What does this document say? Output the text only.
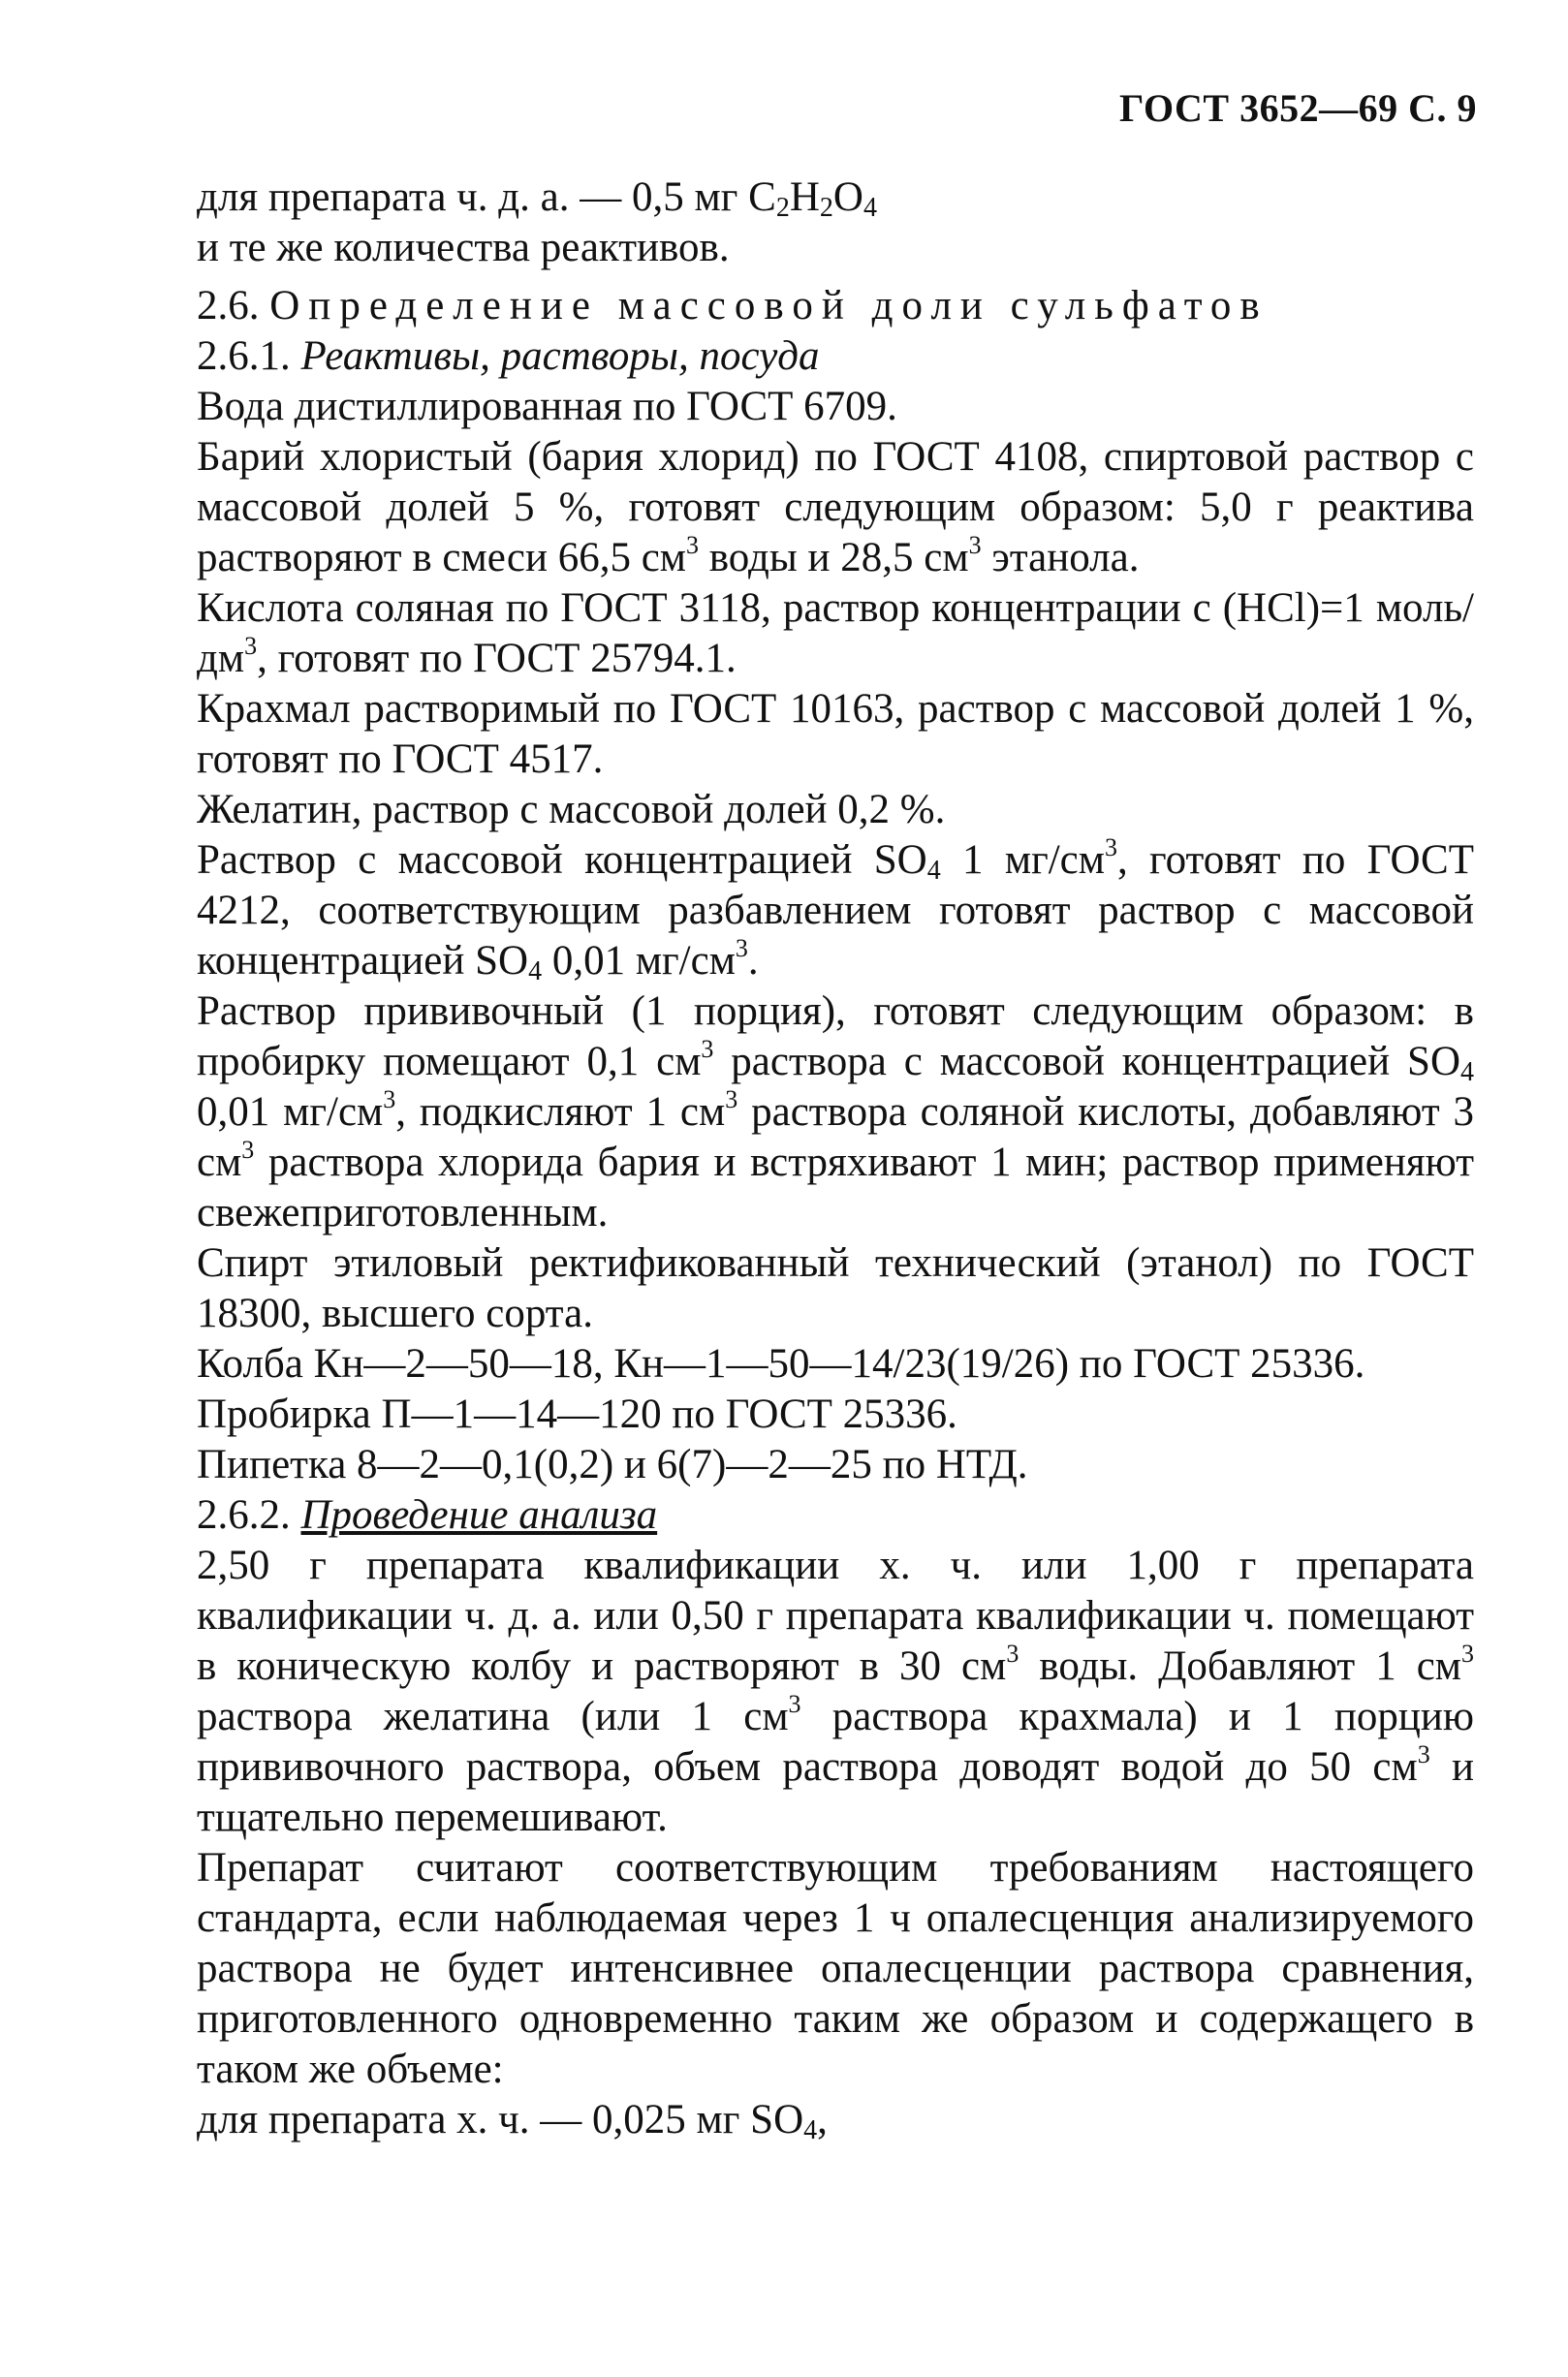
ГОСТ 3652—69 С. 9

для препарата ч. д. а. — 0,5 мг $C_2H_2O_4$

и те же количества реактивов.

2.6. Определение массовой доли сульфатов

2.6.1. Реактивы, растворы, посуда

Вода дистиллированная по ГОСТ 6709.

Барий хлористый (бария хлорид) по ГОСТ 4108, спиртовой раствор с массовой долей 5 %, готовят следующим образом: 5,0 г реактива растворяют в смеси 66,5 $см^3$ воды и 28,5 $см^3$ этанола.

Кислота соляная по ГОСТ 3118, раствор концентрации с (HCl)=1 моль/$дм^3$, готовят по ГОСТ 25794.1.

Крахмал растворимый по ГОСТ 10163, раствор с массовой долей 1 %, готовят по ГОСТ 4517.

Желатин, раствор с массовой долей 0,2 %.

Раствор с массовой концентрацией $SO_4$ 1 $мг/см^3$, готовят по ГОСТ 4212, соответствующим разбавлением готовят раствор с массовой концентрацией $SO_4$ 0,01 $мг/см^3$.

Раствор прививочный (1 порция), готовят следующим образом: в пробирку помещают 0,1 $см^3$ раствора с массовой концентрацией $SO_4$ 0,01 $мг/см^3$, подкисляют 1 $см^3$ раствора соляной кислоты, добавляют 3 $см^3$ раствора хлорида бария и встряхивают 1 мин; раствор применяют свежеприготовленным.

Спирт этиловый ректификованный технический (этанол) по ГОСТ 18300, высшего сорта.

Колба Кн—2—50—18, Кн—1—50—14/23(19/26) по ГОСТ 25336.

Пробирка П—1—14—120 по ГОСТ 25336.

Пипетка 8—2—0,1(0,2) и 6(7)—2—25 по НТД.

2.6.2. Проведение анализа

2,50 г препарата квалификации х. ч. или 1,00 г препарата квалификации ч. д. а. или 0,50 г препарата квалификации ч. помещают в коническую колбу и растворяют в 30 $см^3$ воды. Добавляют 1 $см^3$ раствора желатина (или 1 $см^3$ раствора крахмала) и 1 порцию прививочного раствора, объем раствора доводят водой до 50 $см^3$ и тщательно перемешивают.

Препарат считают соответствующим требованиям настоящего стандарта, если наблюдаемая через 1 ч опалесценция анализируемого раствора не будет интенсивнее опалесценции раствора сравнения, приготовленного одновременно таким же образом и содержащего в таком же объеме:

для препарата х. ч. — 0,025 мг $SO_4$,
